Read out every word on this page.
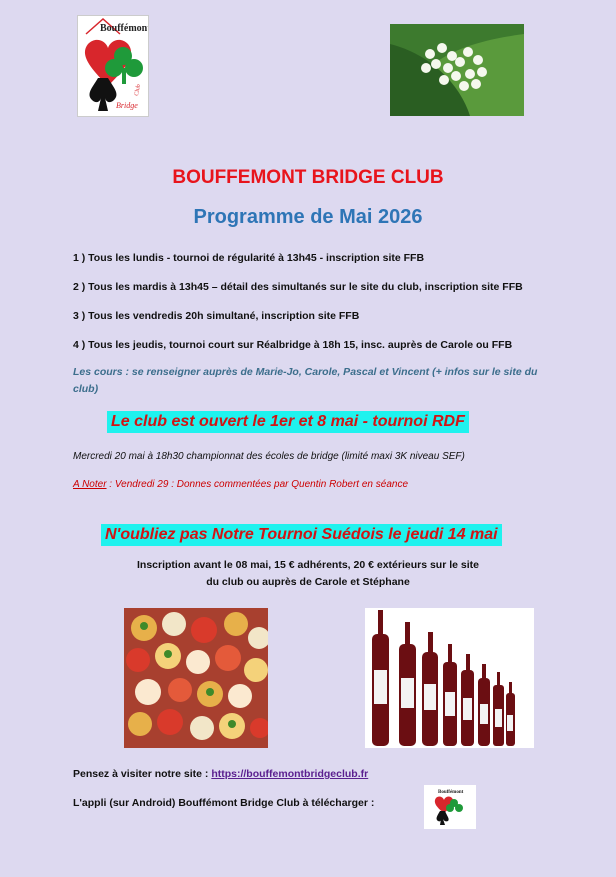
Bouffémont
Bridge
Club
BOUFFEMONT BRIDGE CLUB
Programme de Mai 2026
1 ) Tous les lundis - tournoi de régularité à 13h45 - inscription site FFB
2 ) Tous les mardis à 13h45 – détail des simultanés sur le site du club, inscription site FFB
3 ) Tous les vendredis 20h simultané, inscription site FFB
4 ) Tous les jeudis, tournoi court sur Réalbridge à 18h 15, insc. auprès de Carole ou FFB
Les cours : se renseigner auprès de Marie-Jo, Carole, Pascal et Vincent (+ infos sur le site du club)
Le club est ouvert le 1er et 8 mai - tournoi RDF
Mercredi 20 mai à 18h30 championnat des écoles de bridge (limité maxi 3K niveau SEF)
A Noter : Vendredi 29 : Donnes commentées par Quentin Robert en séance
N'oubliez pas Notre Tournoi Suédois le jeudi 14 mai
Inscription avant le 08 mai, 15 € adhérents, 20 € extérieurs sur le site
du club ou auprès de Carole et Stéphane
Pensez à visiter notre site : https://bouffemontbridgeclub.fr
L'appli (sur Android) Bouffémont Bridge Club à télécharger :
Bouffémont
